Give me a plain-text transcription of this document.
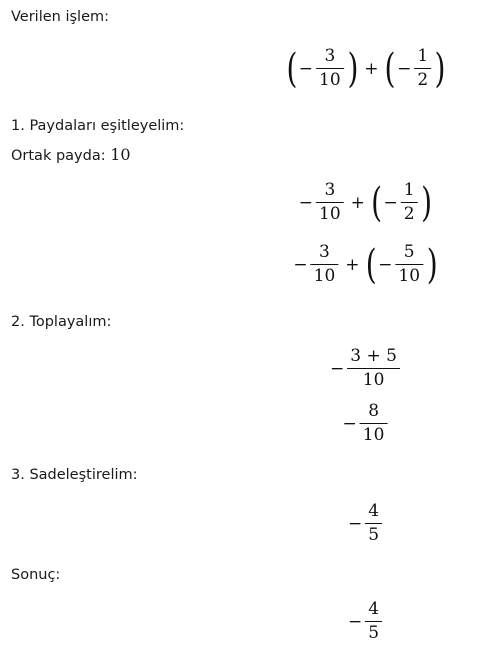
Verilen işlem:
( − $\frac{3}{10}$ ) + ( − $\frac{1}{2}$ )
1. Paydaları eşitleyelim:
Ortak payda: 10
− $\frac{3}{10}$ + ( − $\frac{1}{2}$ )
− $\frac{3}{10}$ + ( − $\frac{5}{10}$ )
2. Toplayalım:
− $\frac{3 + 5}{10}$
− $\frac{8}{10}$
3. Sadeleştirelim:
− $\frac{4}{5}$
Sonuç:
− $\frac{4}{5}$
